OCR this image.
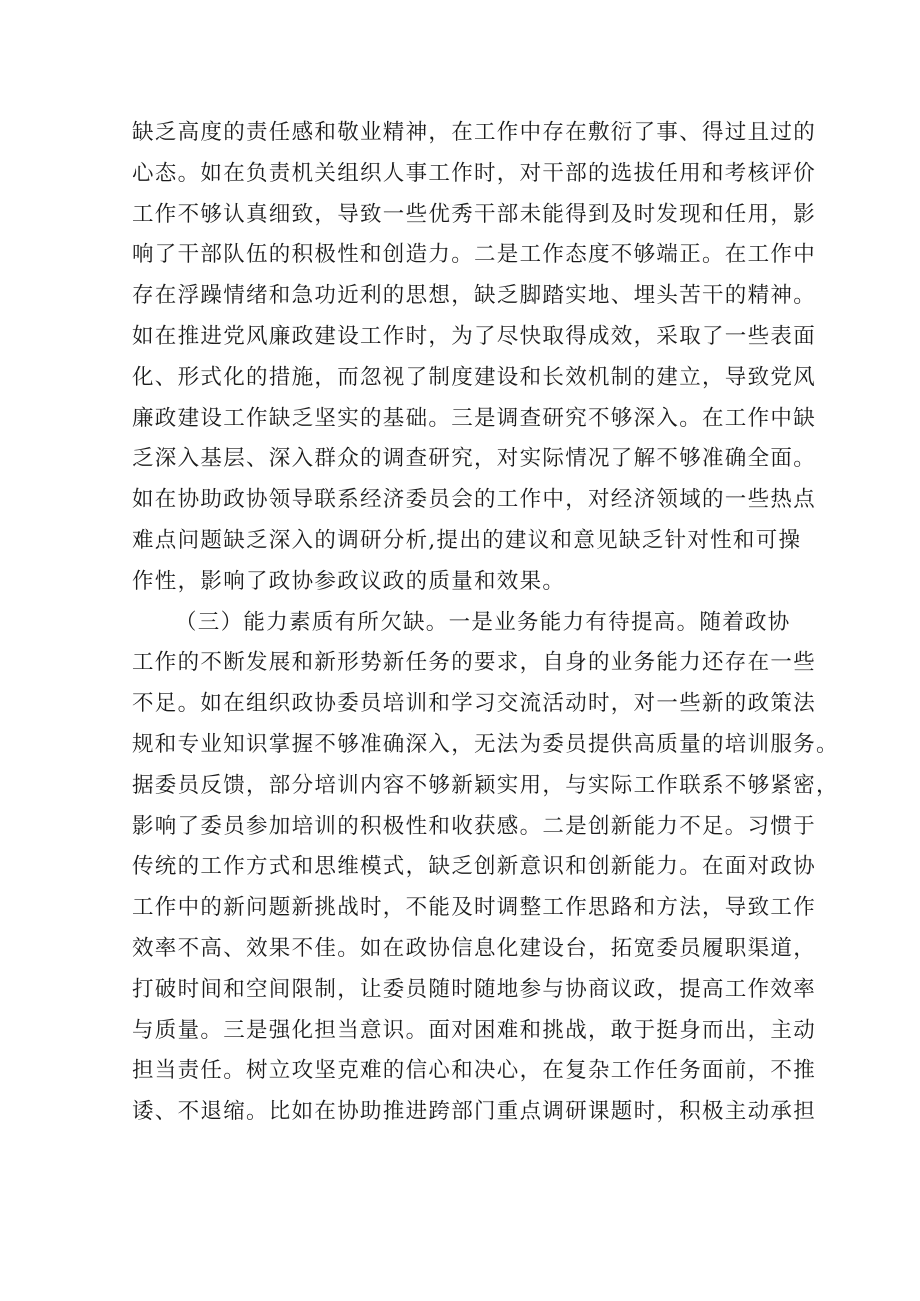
缺乏高度的责任感和敬业精神，在工作中存在敷衍了事、得过且过的
心态。如在负责机关组织人事工作时，对干部的选拔任用和考核评价
工作不够认真细致，导致一些优秀干部未能得到及时发现和任用，影
响了干部队伍的积极性和创造力。二是工作态度不够端正。在工作中
存在浮躁情绪和急功近利的思想，缺乏脚踏实地、埋头苦干的精神。
如在推进党风廉政建设工作时，为了尽快取得成效，采取了一些表面
化、形式化的措施，而忽视了制度建设和长效机制的建立，导致党风
廉政建设工作缺乏坚实的基础。三是调查研究不够深入。在工作中缺
乏深入基层、深入群众的调查研究，对实际情况了解不够准确全面。
如在协助政协领导联系经济委员会的工作中，对经济领域的一些热点
难点问题缺乏深入的调研分析,提出的建议和意见缺乏针对性和可操
作性，影响了政协参政议政的质量和效果。
（三）能力素质有所欠缺。一是业务能力有待提高。随着政协
工作的不断发展和新形势新任务的要求，自身的业务能力还存在一些
不足。如在组织政协委员培训和学习交流活动时，对一些新的政策法
规和专业知识掌握不够准确深入，无法为委员提供高质量的培训服务。
据委员反馈，部分培训内容不够新颖实用，与实际工作联系不够紧密，
影响了委员参加培训的积极性和收获感。二是创新能力不足。习惯于
传统的工作方式和思维模式，缺乏创新意识和创新能力。在面对政协
工作中的新问题新挑战时，不能及时调整工作思路和方法，导致工作
效率不高、效果不佳。如在政协信息化建设台，拓宽委员履职渠道，
打破时间和空间限制，让委员随时随地参与协商议政，提高工作效率
与质量。三是强化担当意识。面对困难和挑战，敢于挺身而出，主动
担当责任。树立攻坚克难的信心和决心，在复杂工作任务面前，不推
诿、不退缩。比如在协助推进跨部门重点调研课题时，积极主动承担
